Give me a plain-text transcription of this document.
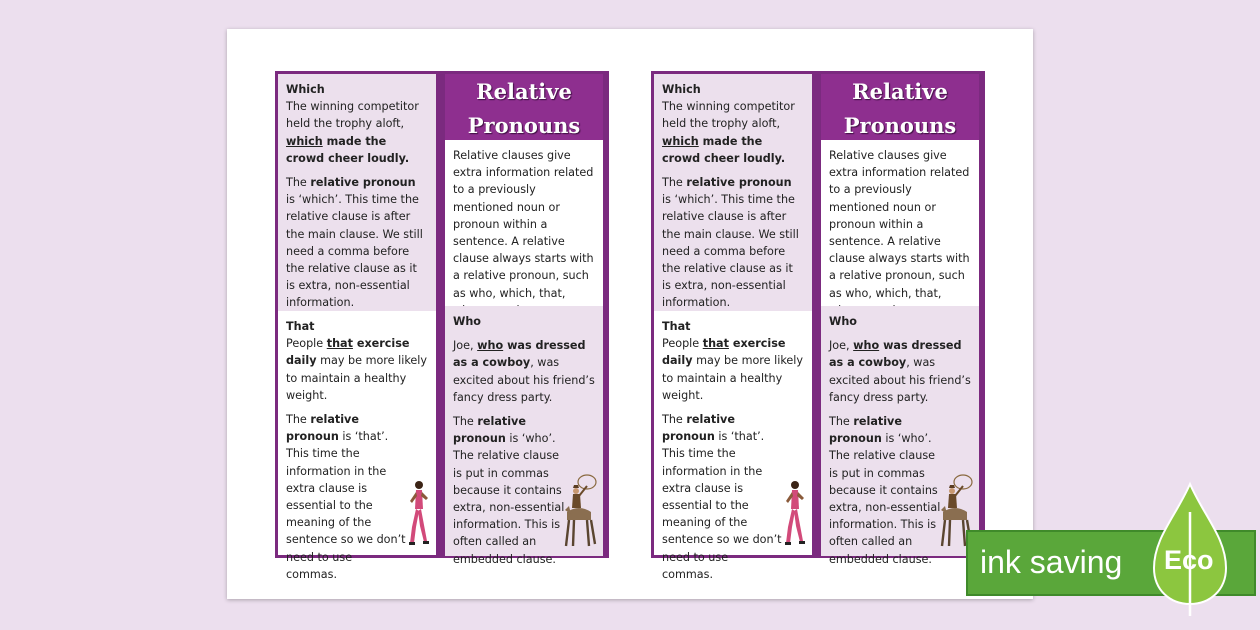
Which
The winning competitor held the trophy aloft, which made the crowd cheer loudly.

The relative pronoun is ‘which’. This time the relative clause is after the main clause. We still need a comma before the relative clause as it is extra, non-essential information.

That
People that exercise daily may be more likely to maintain a healthy weight.

The relative pronoun is ‘that’. This time the information in the extra clause is essential to the meaning of the sentence so we don’t need to use commas.

Relative Pronouns

Relative clauses give extra information related to a previously mentioned noun or pronoun within a sentence. A relative clause always starts with a relative pronoun, such as who, which, that,

Who

Joe, who was dressed as a cowboy, was excited about his friend’s fancy dress party.

The relative pronoun is ‘who’. The relative clause is put in commas because it contains extra, non-essential information. This is often called an embedded clause.

Which
The winning competitor held the trophy aloft, which made the crowd cheer loudly.

The relative pronoun is ‘which’. This time the relative clause is after the main clause. We still need a comma before the relative clause as it is extra, non-essential information.

That
People that exercise daily may be more likely to maintain a healthy weight.

The relative pronoun is ‘that’. This time the information in the extra clause is essential to the meaning of the sentence so we don’t need to use commas.

Relative Pronouns

Relative clauses give extra information related to a previously mentioned noun or pronoun within a sentence. A relative clause always starts with a relative pronoun, such as who, which, that,

Who

Joe, who was dressed as a cowboy, was excited about his friend’s fancy dress party.

The relative pronoun is ‘who’. The relative clause is put in commas because it contains extra, non-essential information. This is often called an embedded clause.	ink saving Eco
